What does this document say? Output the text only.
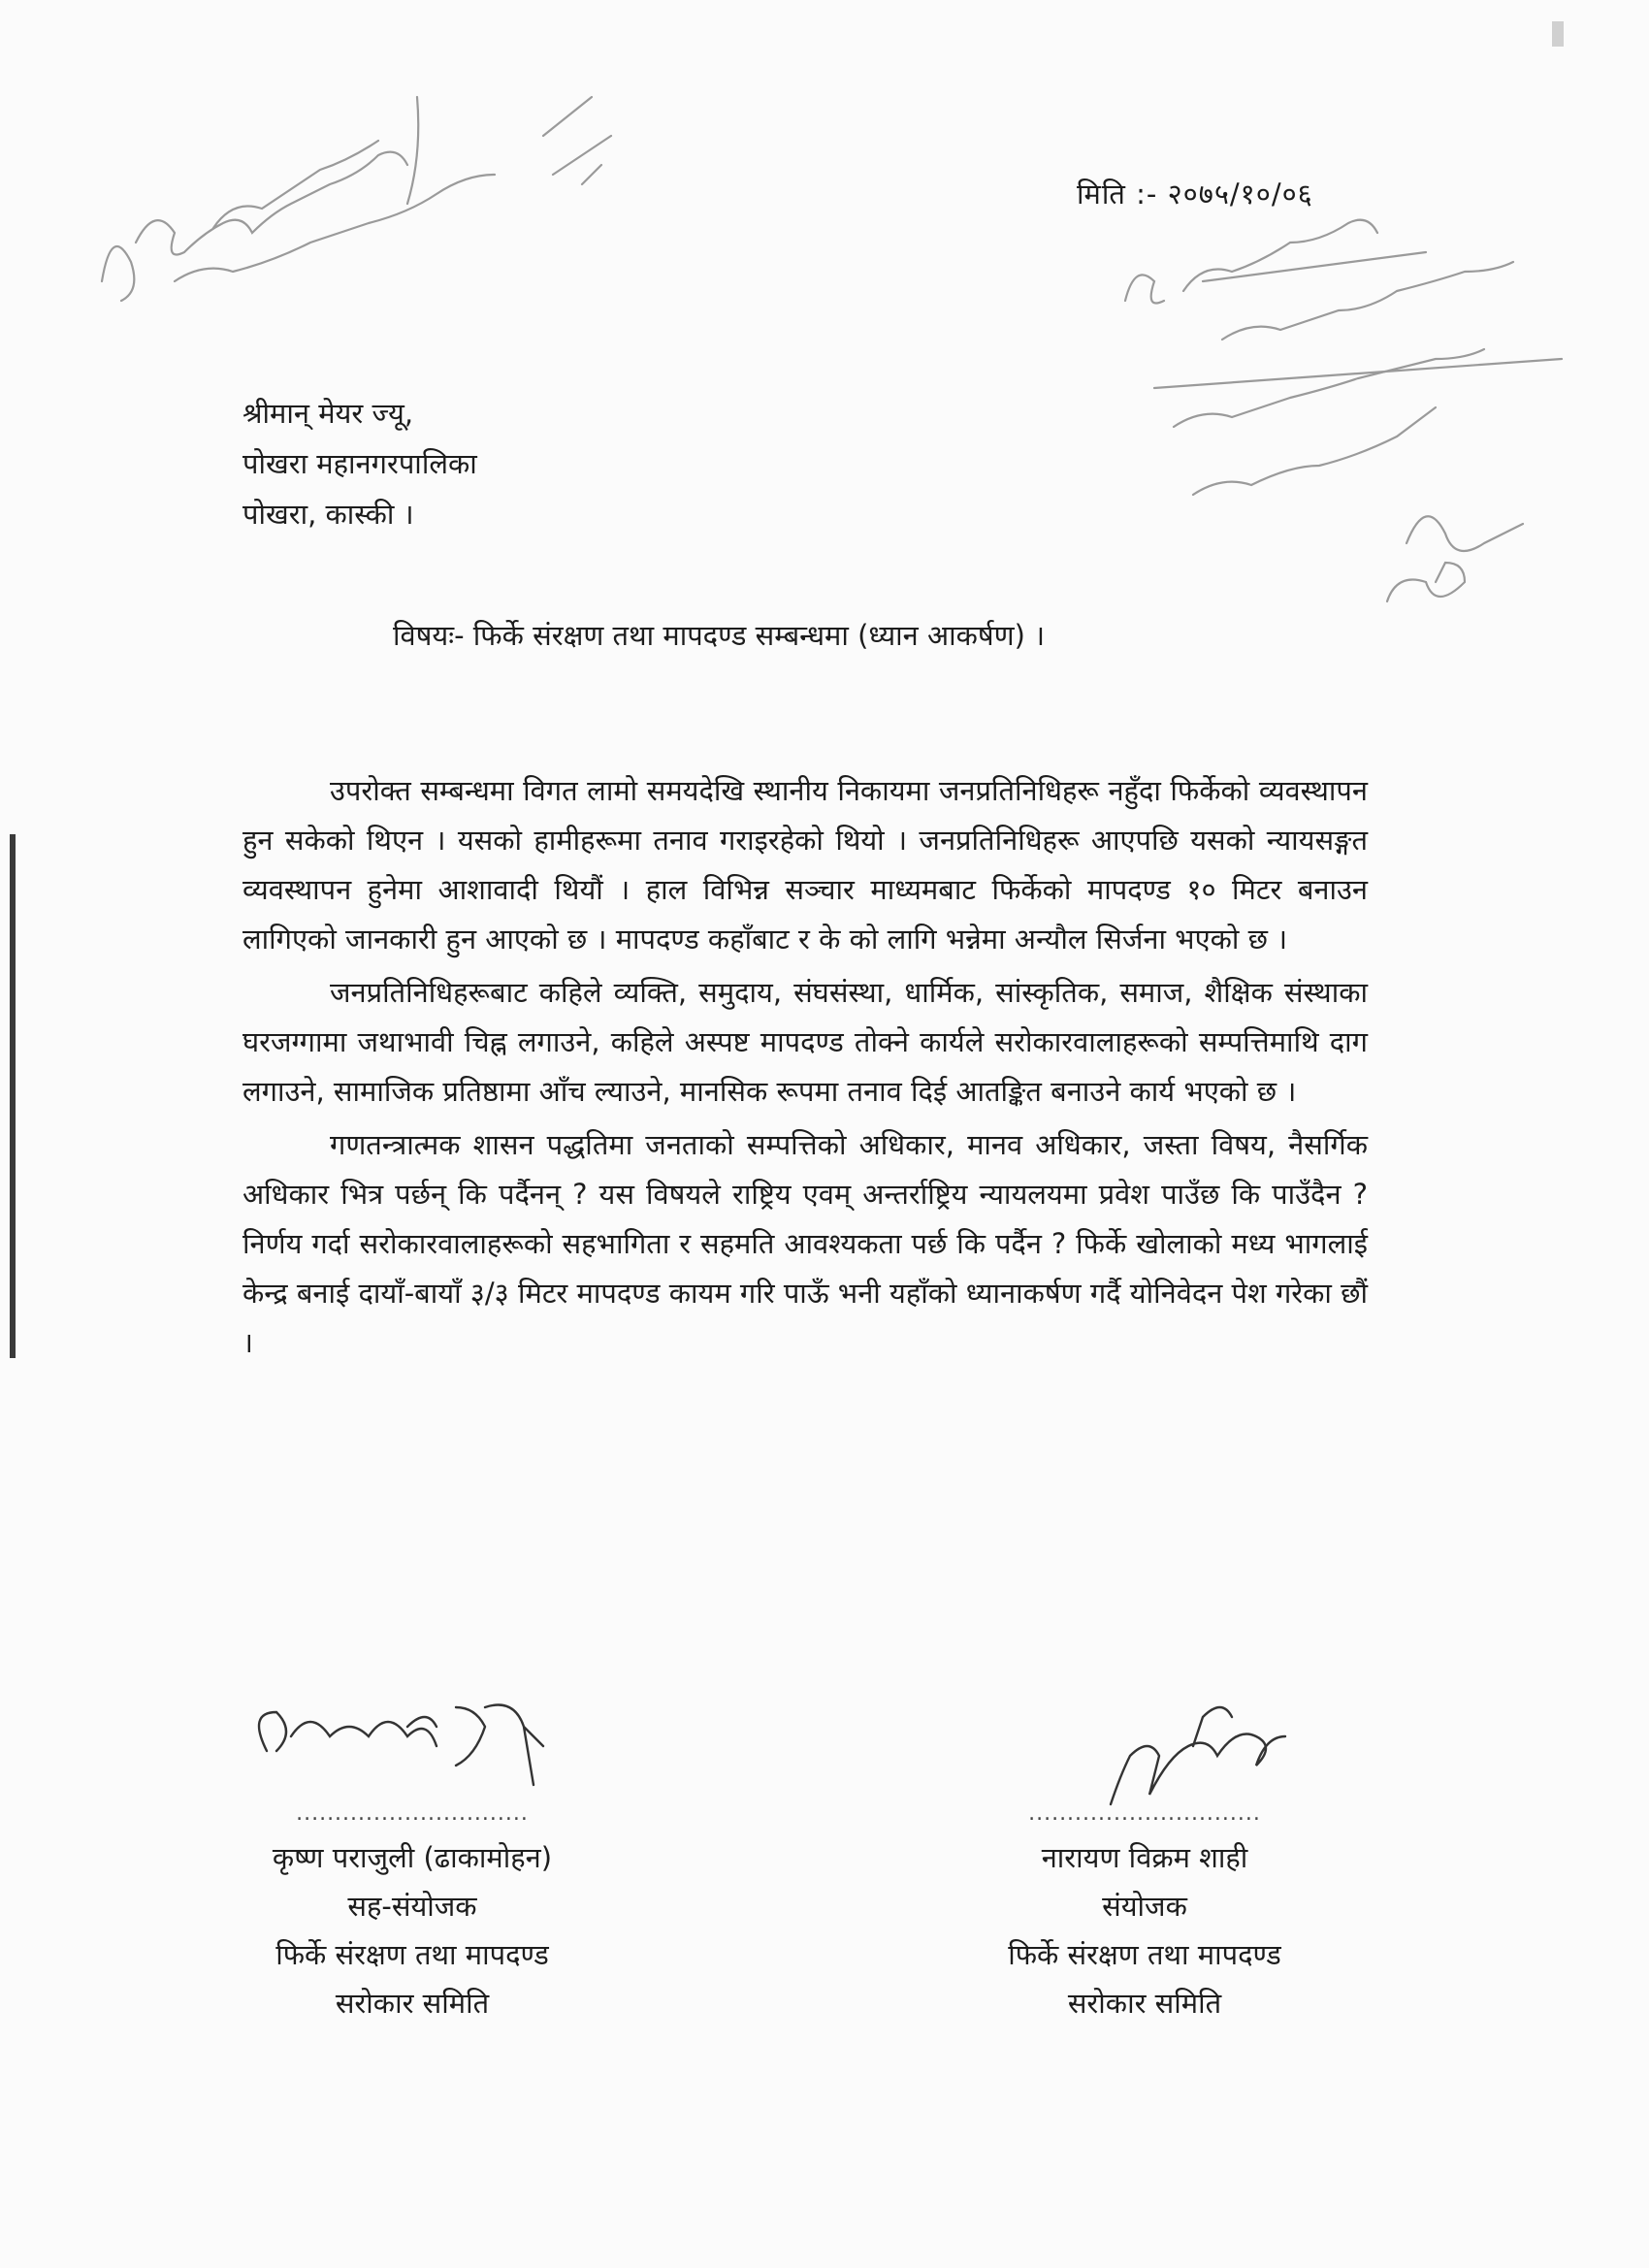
मिति :- २०७५/१०/०६
श्रीमान् मेयर ज्यू,
पोखरा महानगरपालिका
पोखरा, कास्की ।
विषयः- फिर्के संरक्षण तथा मापदण्ड सम्बन्धमा (ध्यान आकर्षण) ।

उपरोक्त सम्बन्धमा विगत लामो समयदेखि स्थानीय निकायमा जनप्रतिनिधिहरू नहुँदा फिर्केको व्यवस्थापन हुन सकेको थिएन । यसको हामीहरूमा तनाव गराइरहेको थियो । जनप्रतिनिधिहरू आएपछि यसको न्यायसङ्गत व्यवस्थापन हुनेमा आशावादी थियौं । हाल विभिन्न सञ्चार माध्यमबाट फिर्केको मापदण्ड १० मिटर बनाउन लागिएको जानकारी हुन आएको छ । मापदण्ड कहाँबाट र के को लागि भन्नेमा अन्यौल सिर्जना भएको छ ।

जनप्रतिनिधिहरूबाट कहिले व्यक्ति, समुदाय, संघसंस्था, धार्मिक, सांस्कृतिक, समाज, शैक्षिक संस्थाका घरजग्गामा जथाभावी चिह्न लगाउने, कहिले अस्पष्ट मापदण्ड तोक्ने कार्यले सरोकारवालाहरूको सम्पत्तिमाथि दाग लगाउने, सामाजिक प्रतिष्ठामा आँच ल्याउने, मानसिक रूपमा तनाव दिई आतङ्कित बनाउने कार्य भएको छ ।

गणतन्त्रात्मक शासन पद्धतिमा जनताको सम्पत्तिको अधिकार, मानव अधिकार, जस्ता विषय, नैसर्गिक अधिकार भित्र पर्छन् कि पर्दैनन् ? यस विषयले राष्ट्रिय एवम् अन्तर्राष्ट्रिय न्यायलयमा प्रवेश पाउँछ कि पाउँदैन ? निर्णय गर्दा सरोकारवालाहरूको सहभागिता र सहमति आवश्यकता पर्छ कि पर्दैन ? फिर्के खोलाको मध्य भागलाई केन्द्र बनाई दायाँ-बायाँ ३/३ मिटर मापदण्ड कायम गरि पाऊँ भनी यहाँको ध्यानाकर्षण गर्दै योनिवेदन पेश गरेका छौं ।

..............................
कृष्ण पराजुली (ढाकामोहन)
सह-संयोजक
फिर्के संरक्षण तथा मापदण्ड
सरोकार समिति
..............................
नारायण विक्रम शाही
संयोजक
फिर्के संरक्षण तथा मापदण्ड
सरोकार समिति
